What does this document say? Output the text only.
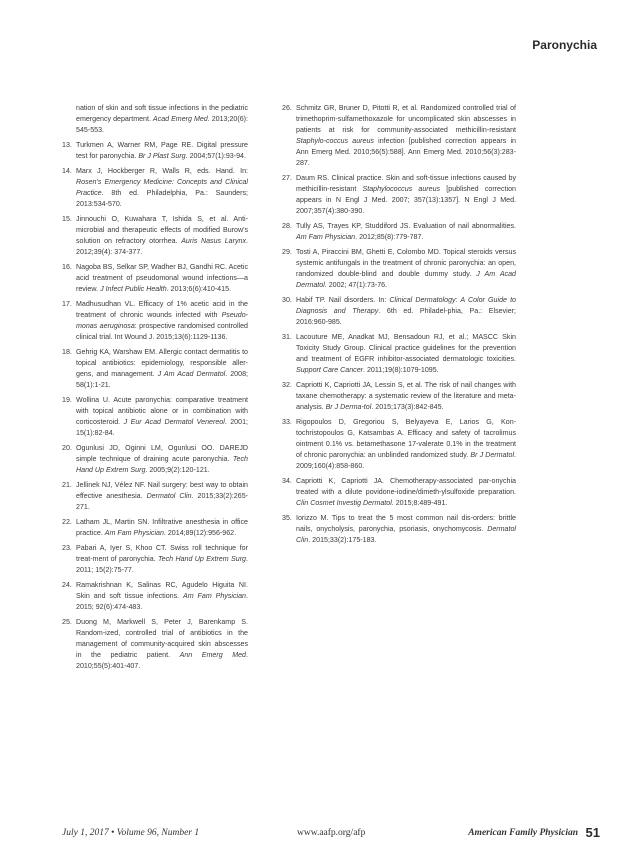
Paronychia
nation of skin and soft tissue infections in the pediatric emergency department. Acad Emerg Med. 2013;20(6): 545-553.
13. Turkmen A, Warner RM, Page RE. Digital pressure test for paronychia. Br J Plast Surg. 2004;57(1):93-94.
14. Marx J, Hockberger R, Walls R, eds. Hand. In: Rosen's Emergency Medicine: Concepts and Clinical Practice. 8th ed. Philadelphia, Pa.: Saunders; 2013:534-570.
15. Jinnouchi O, Kuwahara T, Ishida S, et al. Anti-microbial and therapeutic effects of modified Burow's solution on refractory otorrhea. Auris Nasus Larynx. 2012;39(4): 374-377.
16. Nagoba BS, Selkar SP, Wadher BJ, Gandhi RC. Acetic acid treatment of pseudomonal wound infections—a review. J Infect Public Health. 2013;6(6):410-415.
17. Madhusudhan VL. Efficacy of 1% acetic acid in the treatment of chronic wounds infected with Pseudo-monas aeruginosa: prospective randomised controlled clinical trial. Int Wound J. 2015;13(6):1129-1136.
18. Gehrig KA, Warshaw EM. Allergic contact dermatitis to topical antibiotics: epidemiology, responsible aller-gens, and management. J Am Acad Dermatol. 2008; 58(1):1-21.
19. Wollina U. Acute paronychia: comparative treatment with topical antibiotic alone or in combination with corticosteroid. J Eur Acad Dermatol Venereol. 2001; 15(1):82-84.
20. Ogunlusi JD, Oginni LM, Ogunlusi OO. DAREJD simple technique of draining acute paronychia. Tech Hand Up Extrem Surg. 2005;9(2):120-121.
21. Jellinek NJ, Vélez NF. Nail surgery: best way to obtain effective anesthesia. Dermatol Clin. 2015;33(2):265-271.
22. Latham JL, Martin SN. Infiltrative anesthesia in office practice. Am Fam Physician. 2014;89(12):956-962.
23. Pabari A, Iyer S, Khoo CT. Swiss roll technique for treat-ment of paronychia. Tech Hand Up Extrem Surg. 2011; 15(2):75-77.
24. Ramakrishnan K, Salinas RC, Agudelo Higuita NI. Skin and soft tissue infections. Am Fam Physician. 2015; 92(6):474-483.
25. Duong M, Markwell S, Peter J, Barenkamp S. Random-ized, controlled trial of antibiotics in the management of community-acquired skin abscesses in the pediatric patient. Ann Emerg Med. 2010;55(5):401-407.
26. Schmitz GR, Bruner D, Pitotti R, et al. Randomized controlled trial of trimethoprim-sulfamethoxazole for uncomplicated skin abscesses in patients at risk for community-associated methicillin-resistant Staphylo-coccus aureus infection [published correction appears in Ann Emerg Med. 2010;56(5):588]. Ann Emerg Med. 2010;56(3):283-287.
27. Daum RS. Clinical practice. Skin and soft-tissue infections caused by methicillin-resistant Staphylococcus aureus [published correction appears in N Engl J Med. 2007; 357(13):1357]. N Engl J Med. 2007;357(4):380-390.
28. Tully AS, Trayes KP, Studdiford JS. Evaluation of nail abnormalities. Am Fam Physician. 2012;85(8):779-787.
29. Tosti A, Piraccini BM, Ghetti E, Colombo MD. Topical steroids versus systemic antifungals in the treatment of chronic paronychia: an open, randomized double-blind and double dummy study. J Am Acad Dermatol. 2002; 47(1):73-76.
30. Habif TP. Nail disorders. In: Clinical Dermatology: A Color Guide to Diagnosis and Therapy. 6th ed. Philadel-phia, Pa.: Elsevier; 2016:960-985.
31. Lacouture ME, Anadkat MJ, Bensadoun RJ, et al.; MASCC Skin Toxicity Study Group. Clinical practice guidelines for the prevention and treatment of EGFR inhibitor-associated dermatologic toxicities. Support Care Cancer. 2011;19(8):1079-1095.
32. Capriotti K, Capriotti JA, Lessin S, et al. The risk of nail changes with taxane chemotherapy: a systematic review of the literature and meta-analysis. Br J Derma-tol. 2015;173(3):842-845.
33. Rigopoulos D, Gregoriou S, Belyayeva E, Larios G, Kon-tochristopoulos G, Katsambas A. Efficacy and safety of tacrolimus ointment 0.1% vs. betamethasone 17-valerate 0.1% in the treatment of chronic paronychia: an unblinded randomized study. Br J Dermatol. 2009;160(4):858-860.
34. Capriotti K, Capriotti JA. Chemotherapy-associated par-onychia treated with a dilute povidone-iodine/dimeth-ylsulfoxide preparation. Clin Cosmet Investig Dermatol. 2015;8:489-491.
35. Iorizzo M. Tips to treat the 5 most common nail dis-orders: brittle nails, onycholysis, paronychia, psoriasis, onychomycosis. Dermatol Clin. 2015;33(2):175-183.
July 1, 2017 • Volume 96, Number 1	www.aafp.org/afp	American Family Physician 51
